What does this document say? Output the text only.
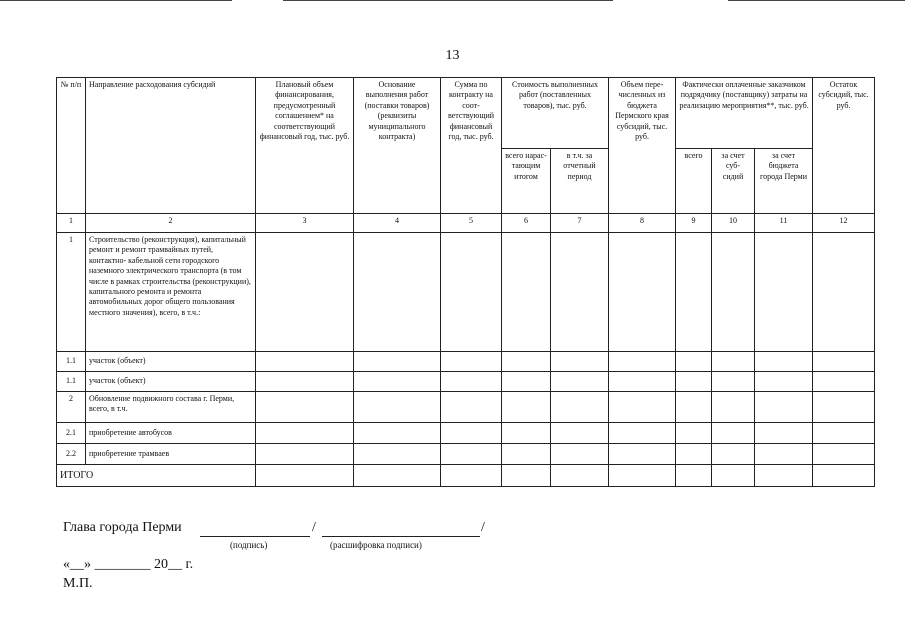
13
№ п/п	Направление расходования субсидий	Плановый объем финансирования, предусмотренный соглашением* на соответствующий финансовый год, тыс. руб.	Основание выполнения работ (поставки товаров) (реквизиты муниципального контракта)	Сумма по контракту на соот- ветствующий финансовый год, тыс. руб.	Стоимость выполненных работ (поставленных товаров), тыс. руб.		Объем пере- численных из бюджета Пермского края субсидий, тыс. руб.	Фактически оплаченные заказчиком подрядчику (поставщику) затраты на реализацию мероприятия**, тыс. руб.			Остаток субсидий, тыс. руб.
					всего нарас- тающим итогом	в т.ч. за отчетный период		всего	за счет суб- сидий	за счет бюджета города Перми	
1	2	3	4	5	6	7	8	9	10	11	12
1	Строительство (реконструкция), капитальный ремонт и ремонт трамвайных путей, контактно- кабельной сети городского наземного электрического транспорта (в том числе в рамках строительства (реконструкции), капитального ремонта и ремонта автомобильных дорог общего пользования местного значения), всего, в т.ч.:										
1.1	участок (объект)										
1.1	участок (объект)										
2	Обновление подвижного состава г. Перми, всего, в т.ч.										
2.1	приобретение автобусов										
2.2	приобретение трамваев										
ИТОГО											
Глава города Перми	/	/
(подпись)	(расшифровка подписи)
«__» ________ 20__ г.
М.П.
